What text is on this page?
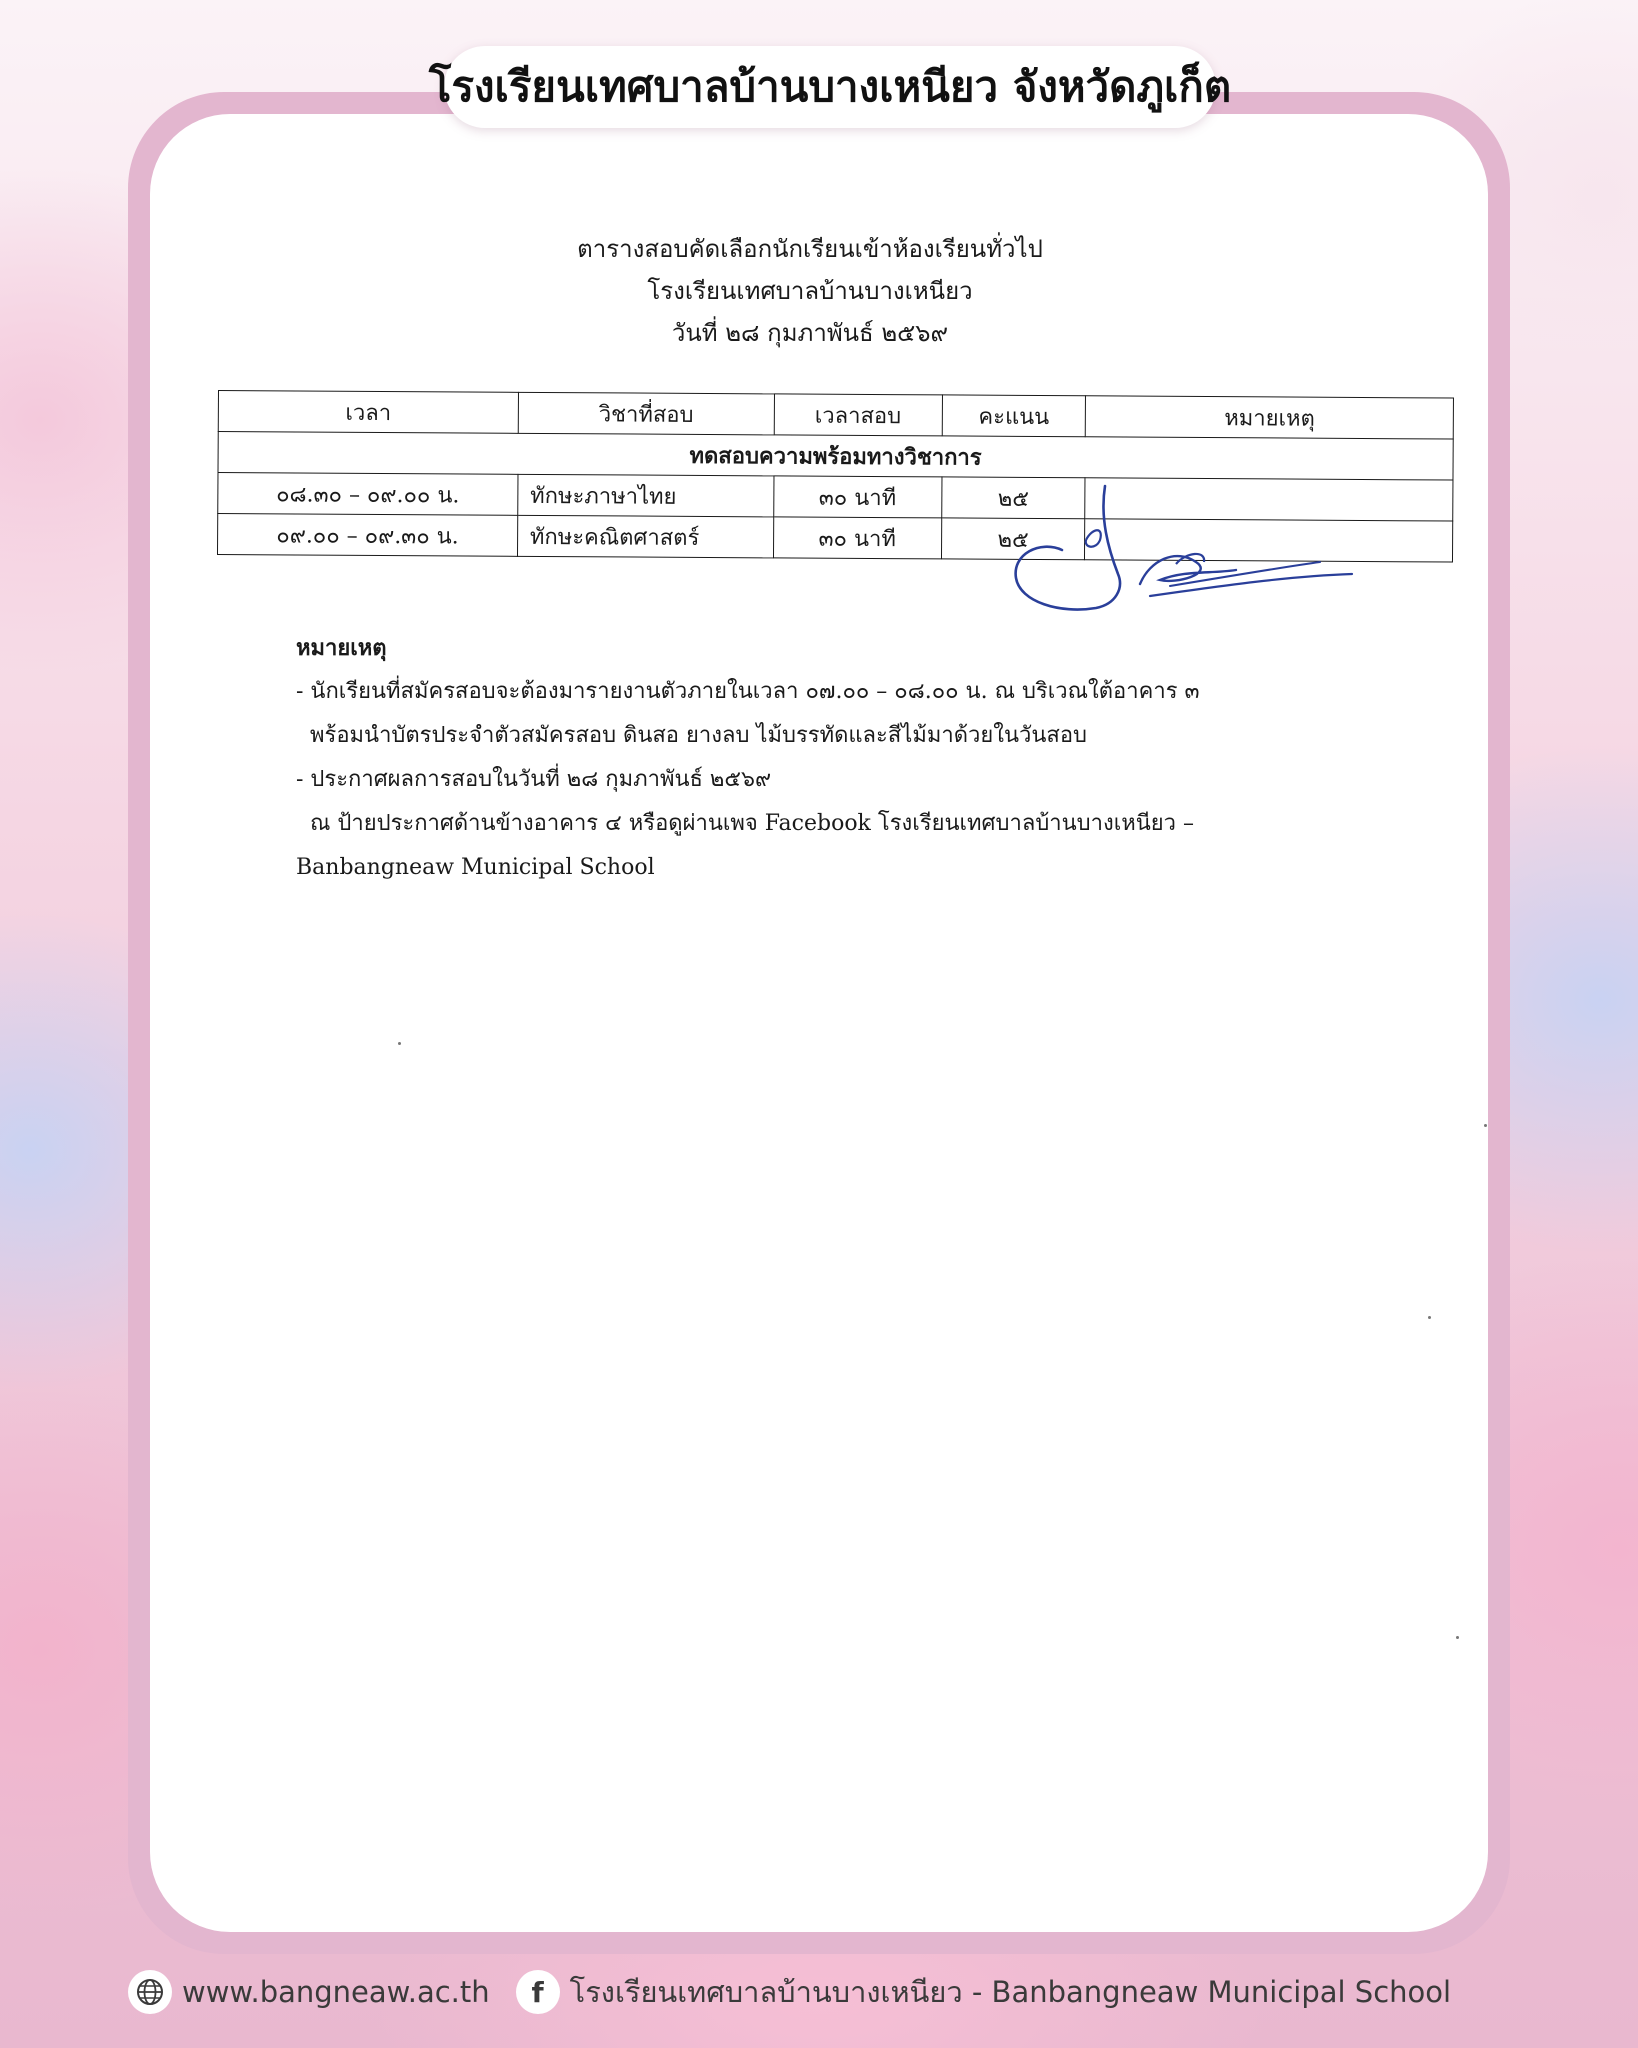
โรงเรียนเทศบาลบ้านบางเหนียว จังหวัดภูเก็ต
ตารางสอบคัดเลือกนักเรียนเข้าห้องเรียนทั่วไป
โรงเรียนเทศบาลบ้านบางเหนียว
วันที่ ๒๘ กุมภาพันธ์ ๒๕๖๙
เวลา	วิชาที่สอบ	เวลาสอบ	คะแนน	หมายเหตุ
ทดสอบความพร้อมทางวิชาการ				
๐๘.๓๐ – ๐๙.๐๐ น.	ทักษะภาษาไทย	๓๐ นาที	๒๕	
๐๙.๐๐ – ๐๙.๓๐ น.	ทักษะคณิตศาสตร์	๓๐ นาที	๒๕	
หมายเหตุ
- นักเรียนที่สมัครสอบจะต้องมารายงานตัวภายในเวลา ๐๗.๐๐ – ๐๘.๐๐ น. ณ บริเวณใต้อาคาร ๓
พร้อมนำบัตรประจำตัวสมัครสอบ ดินสอ ยางลบ ไม้บรรทัดและสีไม้มาด้วยในวันสอบ
- ประกาศผลการสอบในวันที่ ๒๘ กุมภาพันธ์ ๒๕๖๙
ณ ป้ายประกาศด้านข้างอาคาร ๔ หรือดูผ่านเพจ Facebook โรงเรียนเทศบาลบ้านบางเหนียว –
Banbangneaw Municipal School
www.bangneaw.ac.th f โรงเรียนเทศบาลบ้านบางเหนียว - Banbangneaw Municipal School
